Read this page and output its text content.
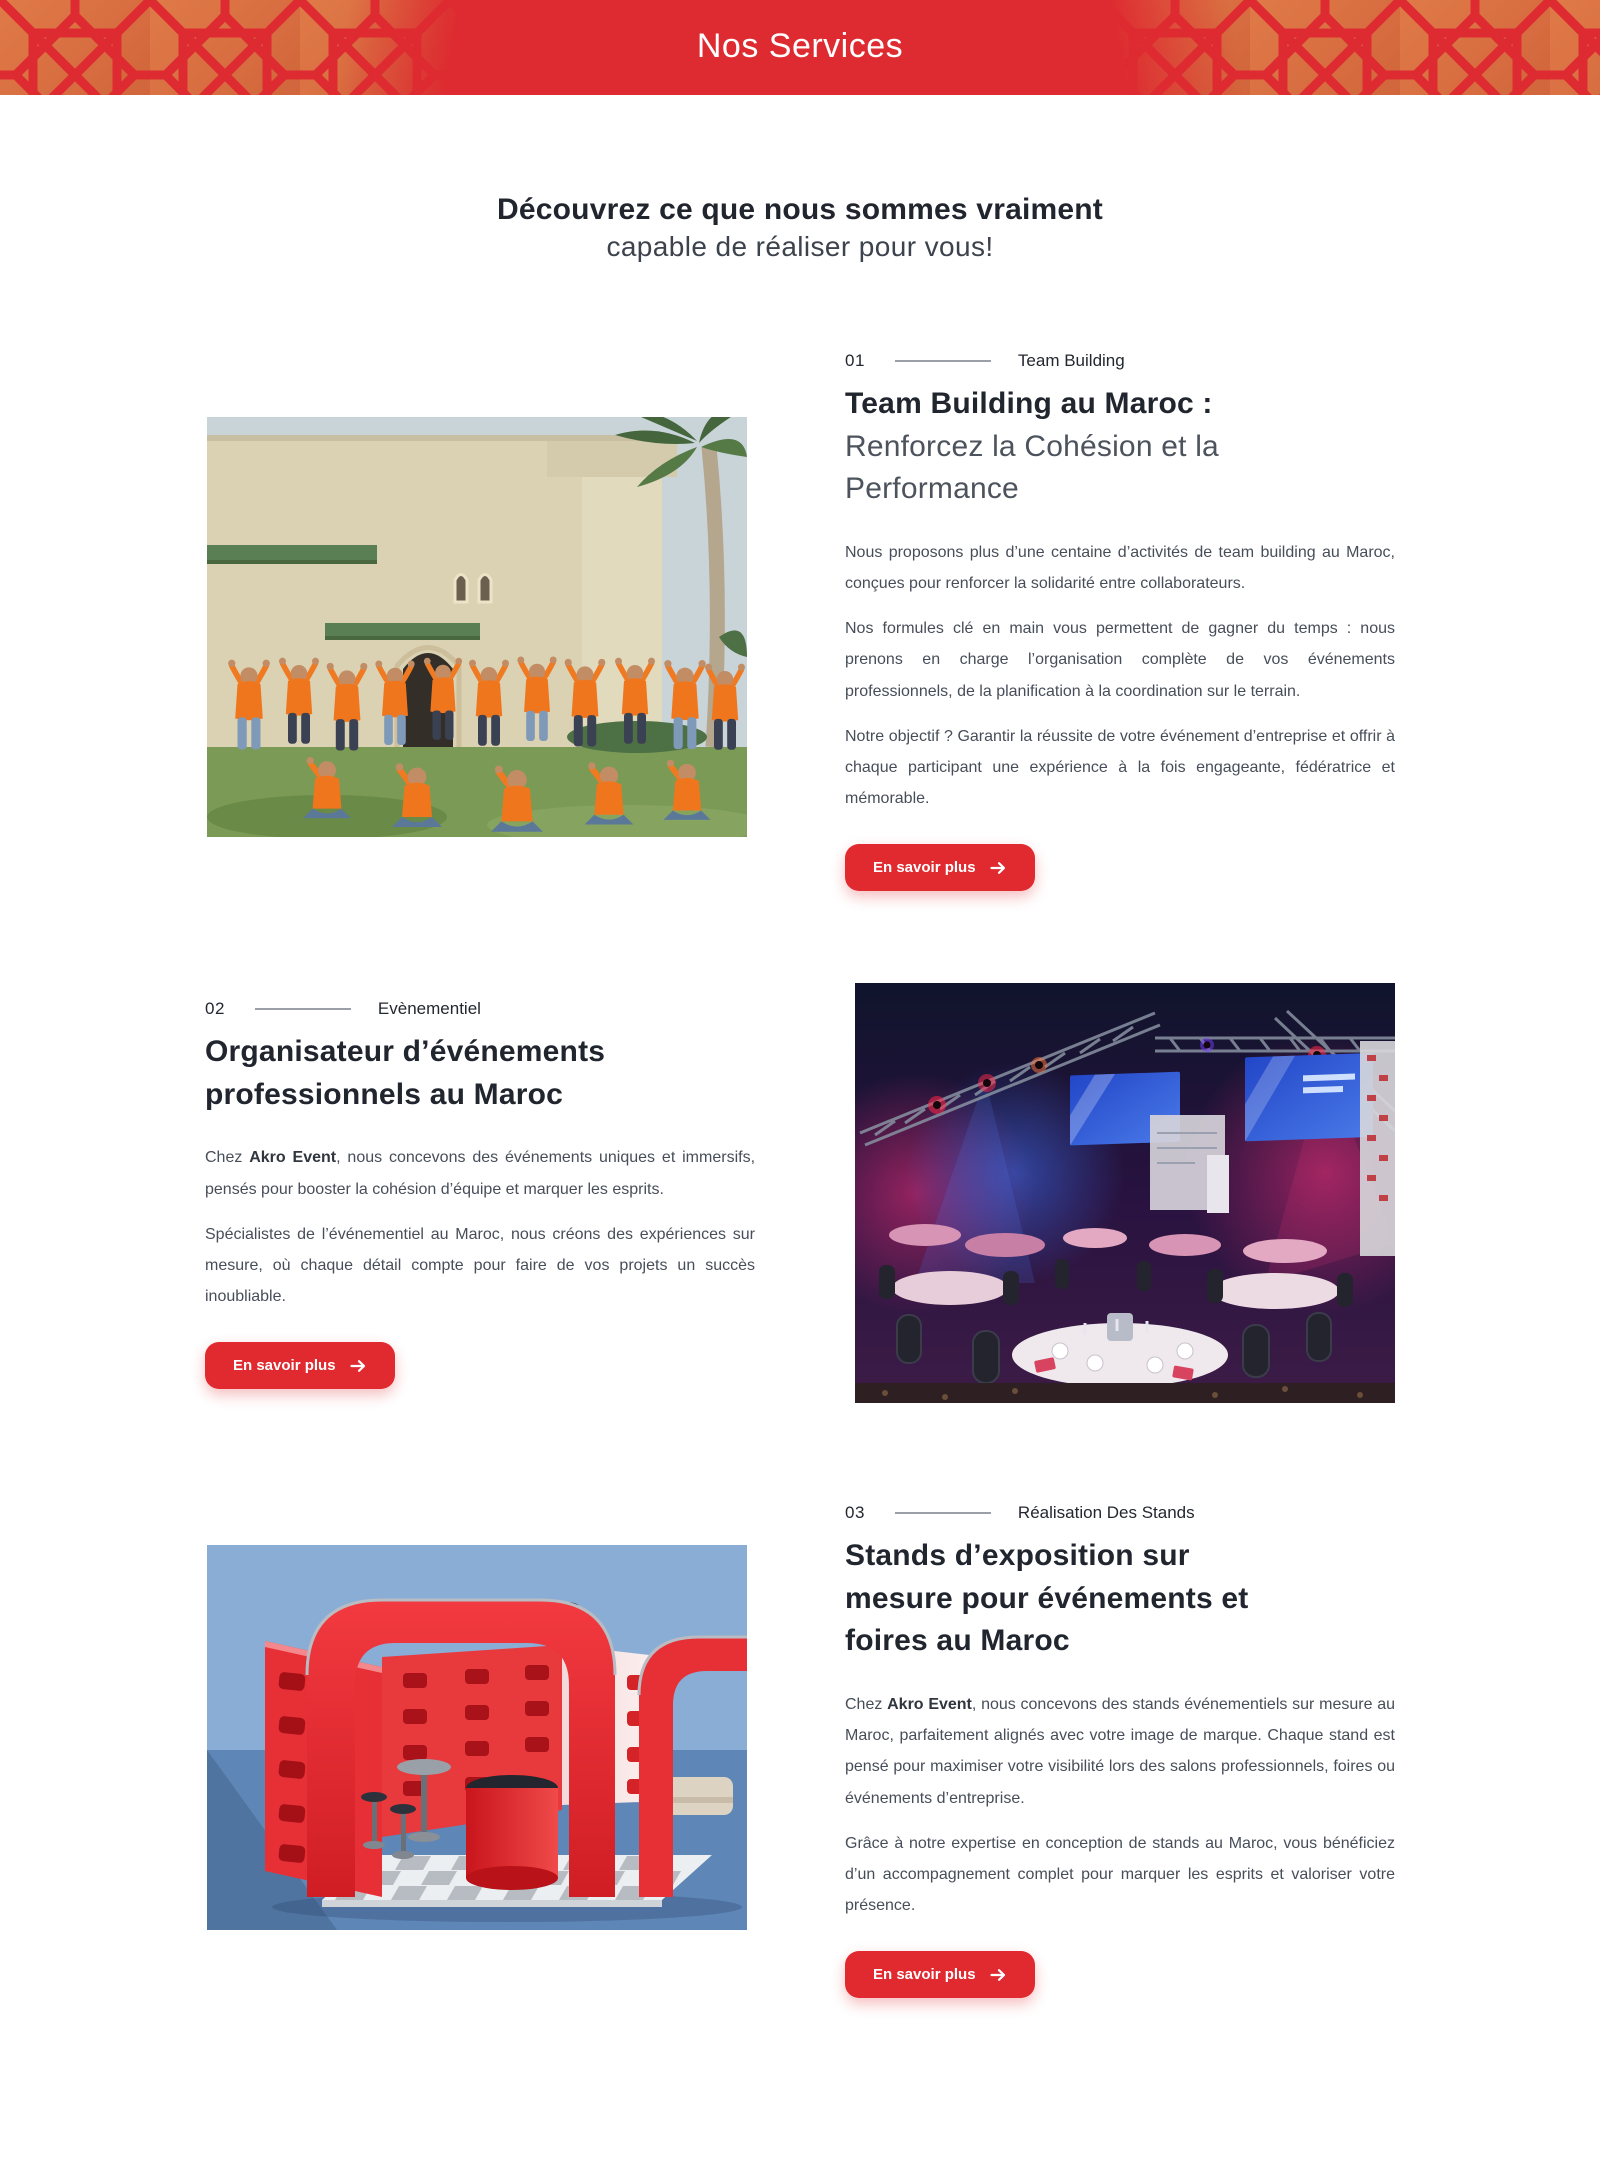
Nos Services

Découvrez ce que nous sommes vraiment

capable de réaliser pour vous!

01	Team Building
Team Building au Maroc :
Renforcez la Cohésion et la
Performance

Nous proposons plus d’une centaine d’activités de team building au Maroc, conçues pour renforcer la solidarité entre collaborateurs.

Nos formules clé en main vous permettent de gagner du temps : nous prenons en charge l’organisation complète de vos événements professionnels, de la planification à la coordination sur le terrain.

Notre objectif ? Garantir la réussite de votre événement d’entreprise et offrir à chaque participant une expérience à la fois engageante, fédératrice et mémorable.

En savoir plus
02	Evènementiel
Organisateur d’événements
professionnels au Maroc

Chez Akro Event, nous concevons des événements uniques et immersifs, pensés pour booster la cohésion d’équipe et marquer les esprits.

Spécialistes de l’événementiel au Maroc, nous créons des expériences sur mesure, où chaque détail compte pour faire de vos projets un succès inoubliable.

En savoir plus
03	Réalisation Des Stands
Stands d’exposition sur
mesure pour événements et
foires au Maroc

Chez Akro Event, nous concevons des stands événementiels sur mesure au Maroc, parfaitement alignés avec votre image de marque. Chaque stand est pensé pour maximiser votre visibilité lors des salons professionnels, foires ou événements d’entreprise.

Grâce à notre expertise en conception de stands au Maroc, vous bénéficiez d’un accompagnement complet pour marquer les esprits et valoriser votre présence.

En savoir plus
